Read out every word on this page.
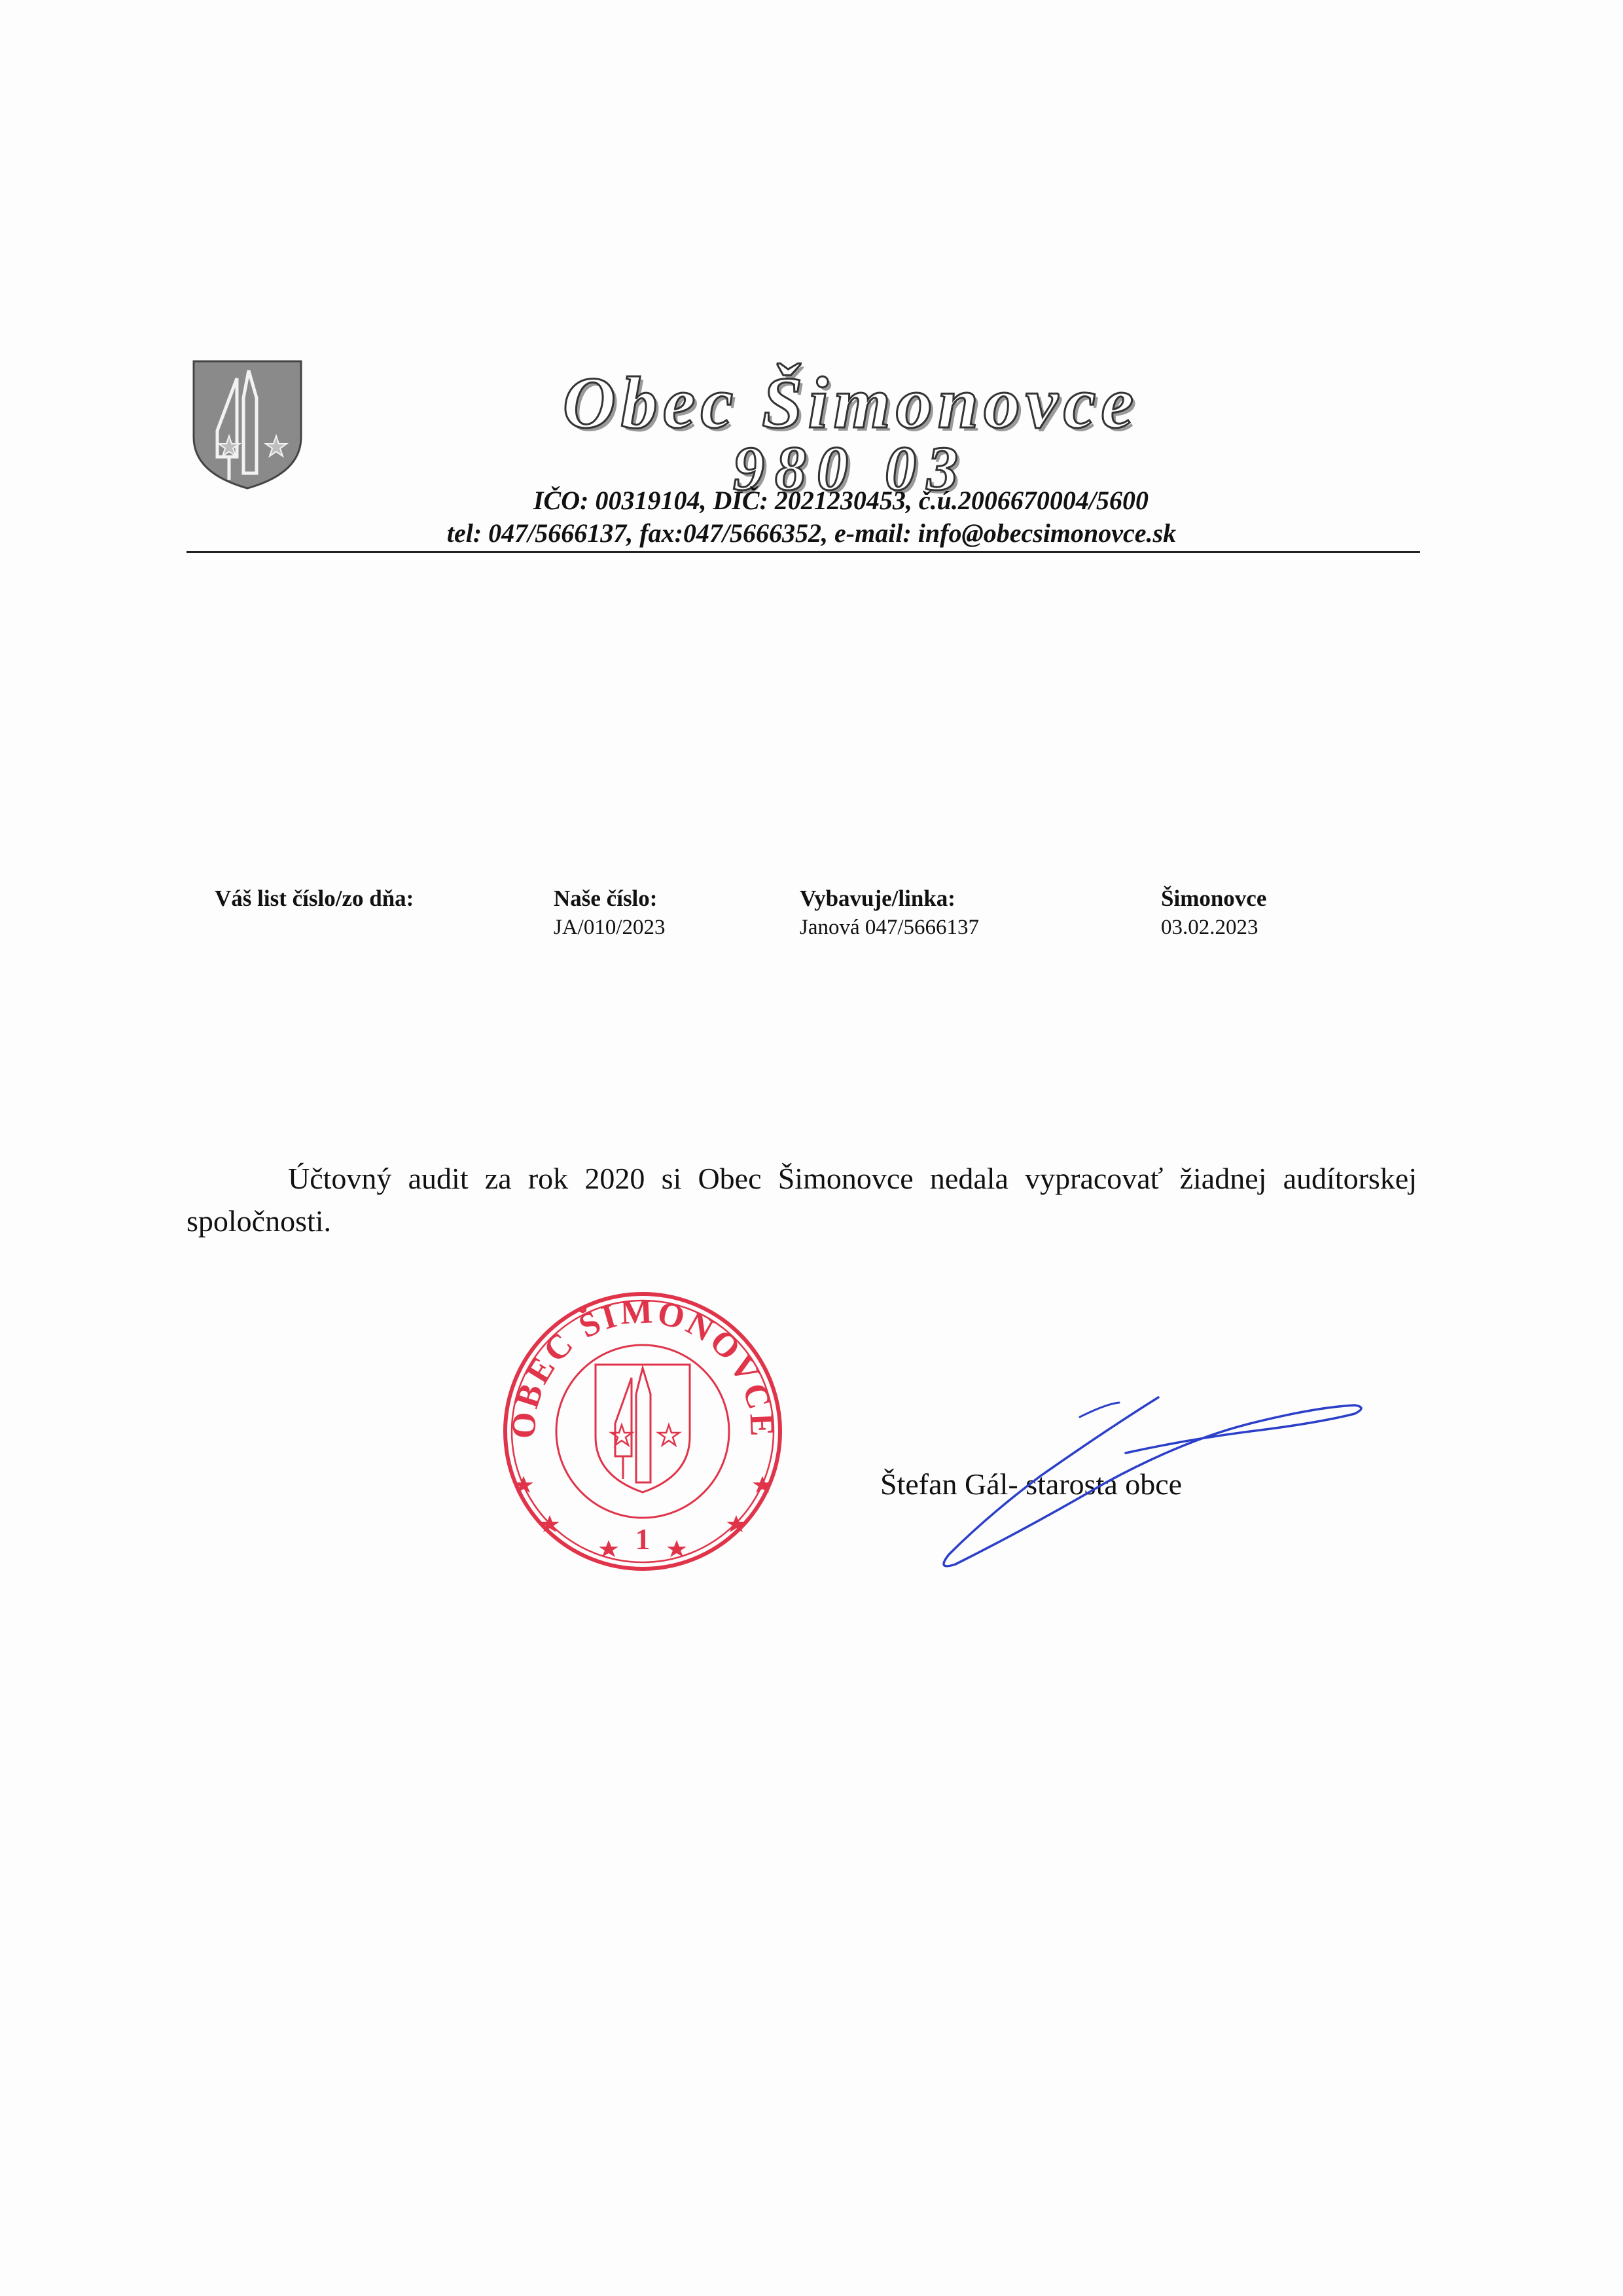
Obec Šimonovce
980 03
IČO: 00319104, DIČ: 2021230453, č.ú.2006670004/5600
tel: 047/5666137, fax:047/5666352, e-mail: info@obecsimonovce.sk
Váš list číslo/zo dňa:	Naše číslo:
JA/010/2023
Vybavuje/linka:
Janová 047/5666137
Šimonovce
03.02.2023

Účtovný audit za rok 2020 si Obec Šimonovce nedala vypracovať žiadnej audítorskej spoločnosti.

OBEC ŠIMONOVCE
1
Štefan Gál- starosta obce
